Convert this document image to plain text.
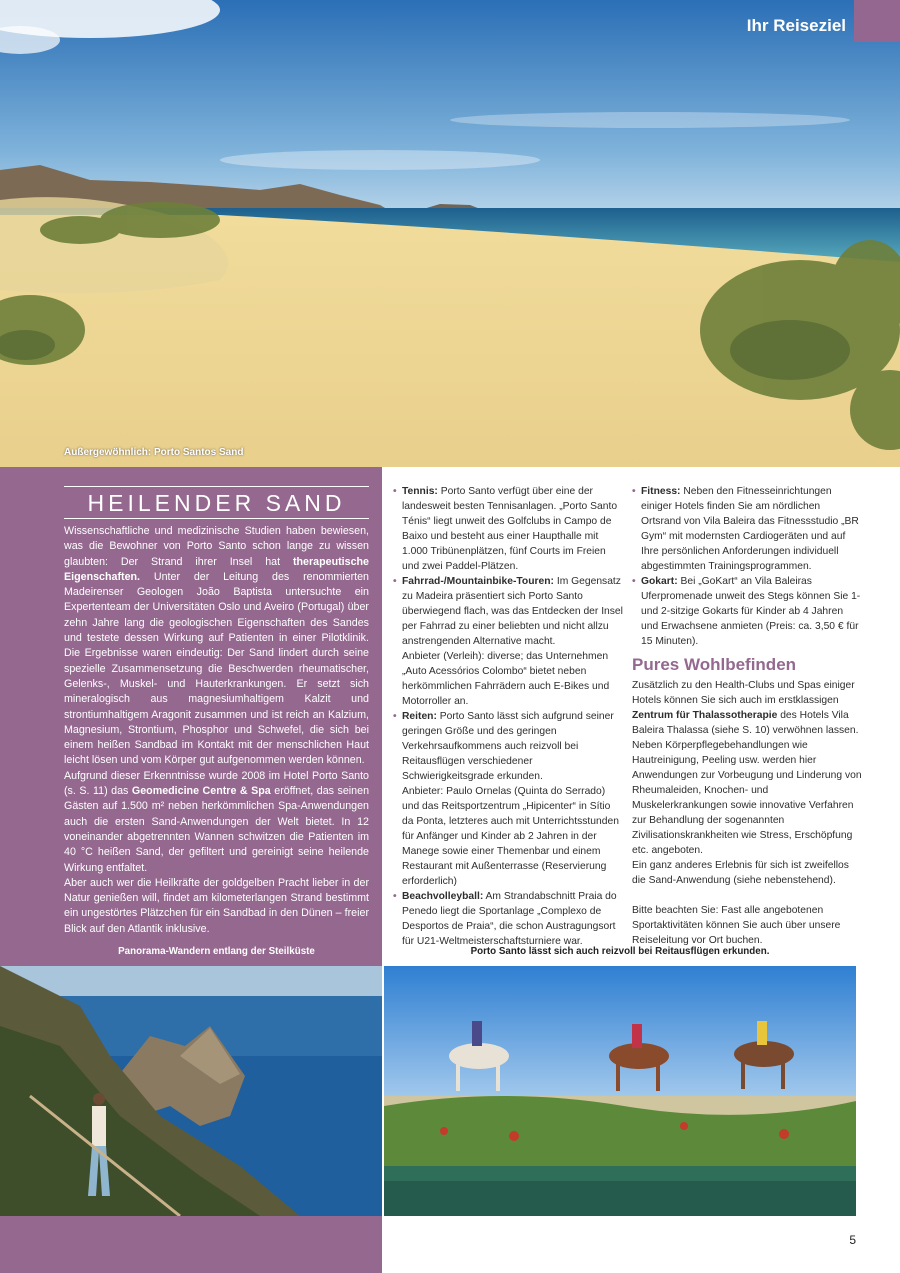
Außergewöhnlich: Porto Santos Sand
Ihr Reiseziel
HEILENDER SAND

Wissenschaftliche und medizinische Studien haben bewiesen, was die Bewohner von Porto Santo schon lange zu wissen glaubten: Der Strand ihrer Insel hat therapeutische Eigenschaften. Unter der Leitung des renommierten Madeirenser Geologen João Baptista untersuchte ein Expertenteam der Universitäten Oslo und Aveiro (Portugal) über zehn Jahre lang die geologischen Eigenschaften des Sandes und testete dessen Wirkung auf Patienten in einer Pilotklinik. Die Ergebnisse waren eindeutig: Der Sand lindert durch seine spezielle Zusammensetzung die Beschwerden rheumatischer, Gelenks-, Muskel- und Hauterkrankungen. Er setzt sich mineralogisch aus magnesiumhaltigem Kalzit und strontiumhaltigem Aragonit zusammen und ist reich an Kalzium, Magnesium, Strontium, Phosphor und Schwefel, die sich bei einem heißen Sandbad im Kontakt mit der menschlichen Haut leicht lösen und vom Körper gut aufgenommen werden können.

Aufgrund dieser Erkenntnisse wurde 2008 im Hotel Porto Santo (s. S. 11) das Geomedicine Centre & Spa eröffnet, das seinen Gästen auf 1.500 m² neben herkömmlichen Spa-Anwendungen auch die ersten Sand-Anwendungen der Welt bietet. In 12 voneinander abgetrennten Wannen schwitzen die Patienten im 40 °C heißen Sand, der gefiltert und gereinigt seine heilende Wirkung entfaltet.

Aber auch wer die Heilkräfte der goldgelben Pracht lieber in der Natur genießen will, findet am kilometerlangen Strand bestimmt ein ungestörtes Plätzchen für ein Sandbad in den Dünen – freier Blick auf den Atlantik inklusive.

Panorama-Wandern entlang der Steilküste

• Tennis: Porto Santo verfügt über eine der landesweit besten Tennisanlagen. „Porto Santo Ténis“ liegt unweit des Golfclubs in Campo de Baixo und besteht aus einer Haupthalle mit 1.000 Tribünenplätzen, fünf Courts im Freien und zwei Paddel-Plätzen.

• Fahrrad-/Mountainbike-Touren: Im Gegensatz zu Madeira präsentiert sich Porto Santo überwiegend flach, was das Entdecken der Insel per Fahrrad zu einer beliebten und nicht allzu anstrengenden Alternative macht.

Anbieter (Verleih): diverse; das Unternehmen „Auto Acessórios Colombo“ bietet neben herkömmlichen Fahrrädern auch E-Bikes und Motorroller an.

• Reiten: Porto Santo lässt sich aufgrund seiner geringen Größe und des geringen Verkehrsaufkommens auch reizvoll bei Reitausflügen verschiedener Schwierigkeitsgrade erkunden.

Anbieter: Paulo Ornelas (Quinta do Serrado) und das Reitsportzentrum „Hipicenter“ in Sítio da Ponta, letzteres auch mit Unterrichtsstunden für Anfänger und Kinder ab 2 Jahren in der Manege sowie einer Themenbar und einem Restaurant mit Außenterrasse (Reservierung erforderlich)

• Beachvolleyball: Am Strandabschnitt Praia do Penedo liegt die Sportanlage „Complexo de Desportos de Praia“, die schon Austragungsort für U21-Weltmeisterschaftsturniere war.

• Fitness: Neben den Fitnesseinrichtungen einiger Hotels finden Sie am nördlichen Ortsrand von Vila Baleira das Fitnessstudio „BR Gym“ mit modernsten Cardiogeräten und auf Ihre persönlichen Anforderungen individuell abgestimmten Trainingsprogrammen.

• Gokart: Bei „GoKart“ an Vila Baleiras Uferpromenade unweit des Stegs können Sie 1- und 2-sitzige Gokarts für Kinder ab 4 Jahren und Erwachsene anmieten (Preis: ca. 3,50 € für 15 Minuten).

Pures Wohlbefinden

Zusätzlich zu den Health-Clubs und Spas einiger Hotels können Sie sich auch im erstklassigen Zentrum für Thalassotherapie des Hotels Vila Baleira Thalassa (siehe S. 10) verwöhnen lassen. Neben Körperpflegebehandlungen wie Hautreinigung, Peeling usw. werden hier Anwendungen zur Vorbeugung und Linderung von Rheumaleiden, Knochen- und Muskelerkrankungen sowie innovative Verfahren zur Behandlung der sogenannten Zivilisationskrankheiten wie Stress, Erschöpfung etc. angeboten.

Ein ganz anderes Erlebnis für sich ist zweifellos die Sand-Anwendung (siehe nebenstehend).

Bitte beachten Sie: Fast alle angebotenen Sportaktivitäten können Sie auch über unsere Reiseleitung vor Ort buchen.

Porto Santo lässt sich auch reizvoll bei Reitausflügen erkunden.
5
